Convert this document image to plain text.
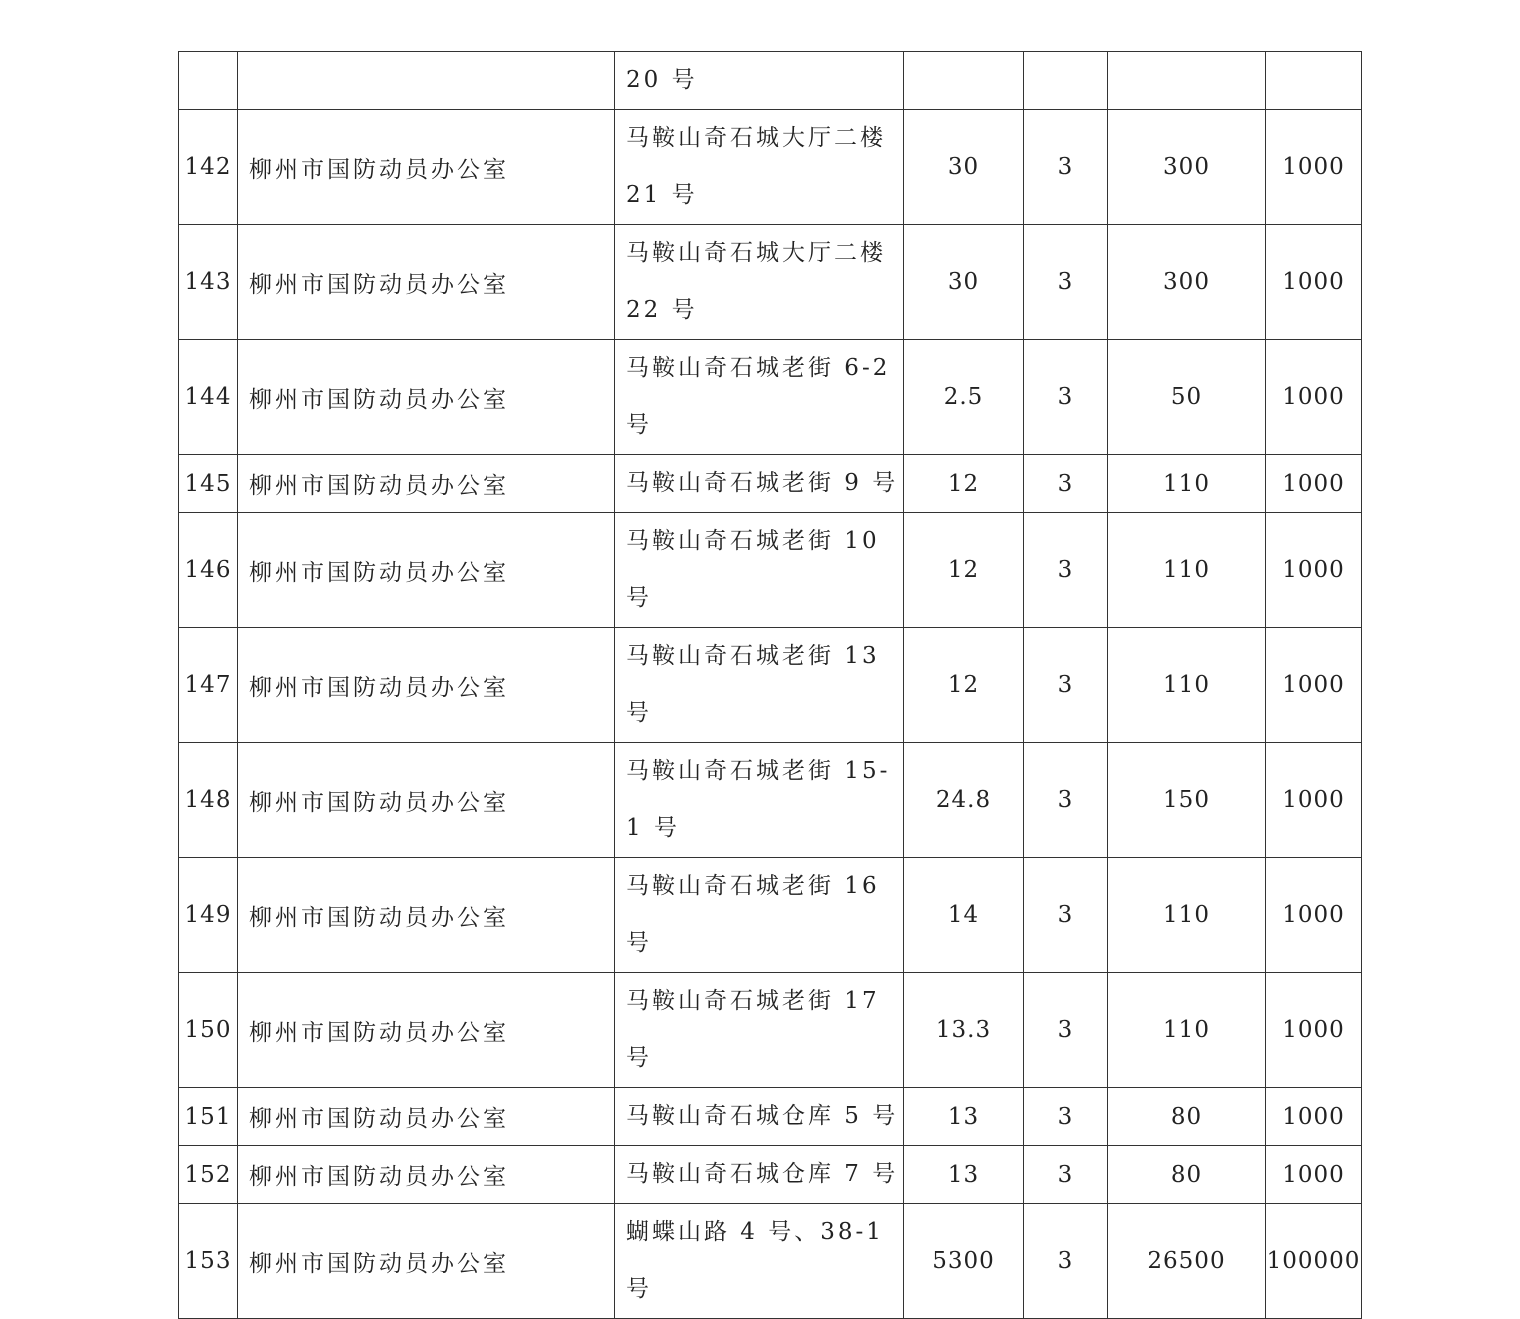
		20 号				
142	柳州市国防动员办公室	马鞍山奇石城大厅二楼 21 号	30	3	300	1000
143	柳州市国防动员办公室	马鞍山奇石城大厅二楼 22 号	30	3	300	1000
144	柳州市国防动员办公室	马鞍山奇石城老街 6-2 号	2.5	3	50	1000
145	柳州市国防动员办公室	马鞍山奇石城老街 9 号	12	3	110	1000
146	柳州市国防动员办公室	马鞍山奇石城老街 10 号	12	3	110	1000
147	柳州市国防动员办公室	马鞍山奇石城老街 13 号	12	3	110	1000
148	柳州市国防动员办公室	马鞍山奇石城老街 15-1 号	24.8	3	150	1000
149	柳州市国防动员办公室	马鞍山奇石城老街 16 号	14	3	110	1000
150	柳州市国防动员办公室	马鞍山奇石城老街 17 号	13.3	3	110	1000
151	柳州市国防动员办公室	马鞍山奇石城仓库 5 号	13	3	80	1000
152	柳州市国防动员办公室	马鞍山奇石城仓库 7 号	13	3	80	1000
153	柳州市国防动员办公室	蝴蝶山路 4 号、38-1 号	5300	3	26500	100000
